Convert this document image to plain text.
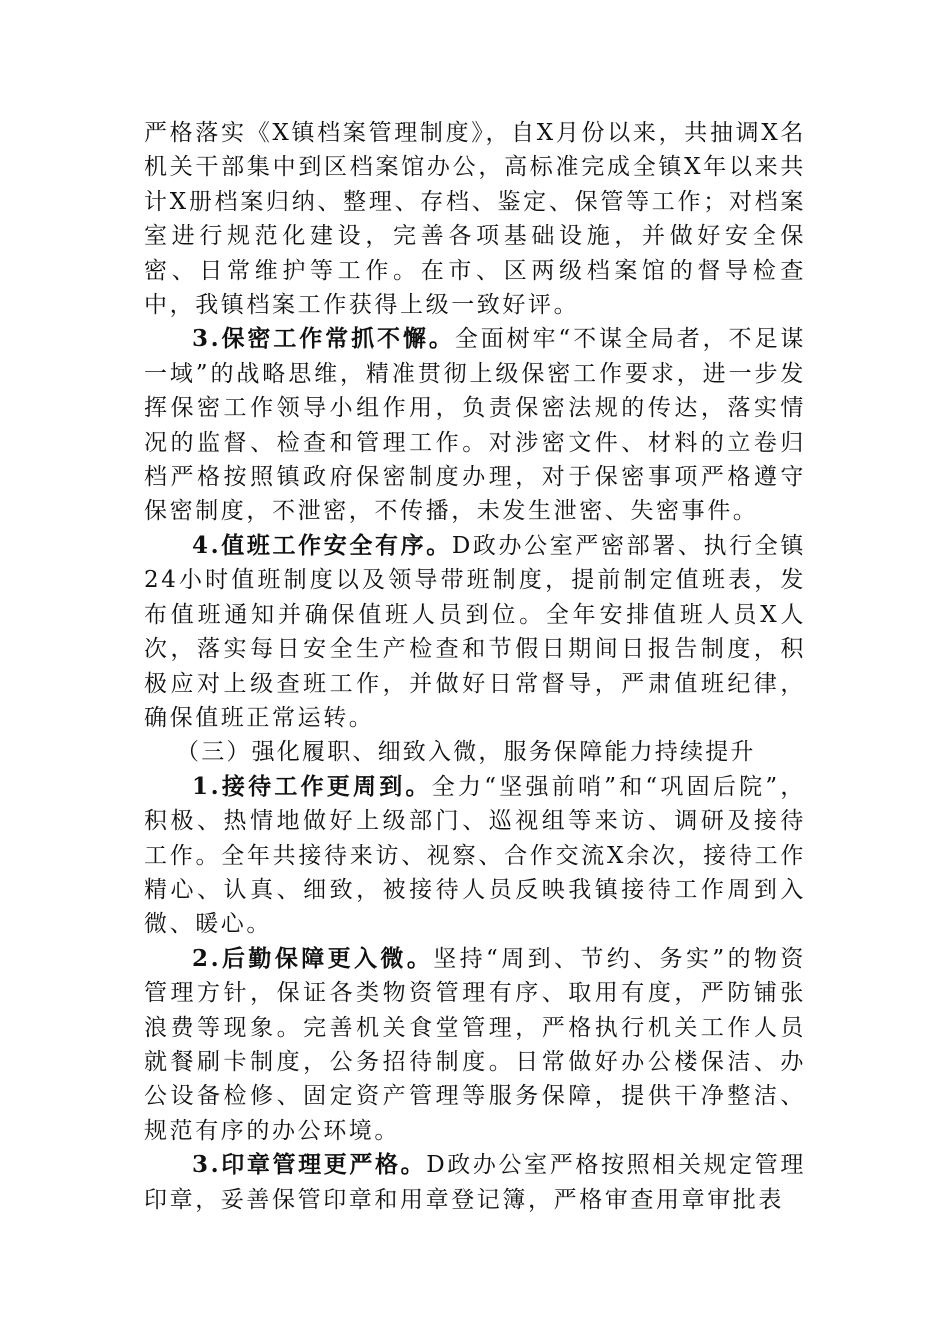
严格落实《X镇档案管理制度》，自X月份以来，共抽调X名机关干部集中到区档案馆办公，高标准完成全镇X年以来共计X册档案归纳、整理、存档、鉴定、保管等工作；对档案室进行规范化建设，完善各项基础设施，并做好安全保密、日常维护等工作。在市、区两级档案馆的督导检查中，我镇档案工作获得上级一致好评。

3.保密工作常抓不懈。全面树牢“不谋全局者，不足谋一域”的战略思维，精准贯彻上级保密工作要求，进一步发挥保密工作领导小组作用，负责保密法规的传达，落实情况的监督、检查和管理工作。对涉密文件、材料的立卷归档严格按照镇政府保密制度办理，对于保密事项严格遵守保密制度，不泄密，不传播，未发生泄密、失密事件。

4.值班工作安全有序。D政办公室严密部署、执行全镇24小时值班制度以及领导带班制度，提前制定值班表，发布值班通知并确保值班人员到位。全年安排值班人员X人次，落实每日安全生产检查和节假日期间日报告制度，积极应对上级查班工作，并做好日常督导，严肃值班纪律，确保值班正常运转。

（三）强化履职、细致入微，服务保障能力持续提升

1.接待工作更周到。全力“坚强前哨”和“巩固后院”，积极、热情地做好上级部门、巡视组等来访、调研及接待工作。全年共接待来访、视察、合作交流X余次，接待工作精心、认真、细致，被接待人员反映我镇接待工作周到入微、暖心。

2.后勤保障更入微。坚持“周到、节约、务实”的物资管理方针，保证各类物资管理有序、取用有度，严防铺张浪费等现象。完善机关食堂管理，严格执行机关工作人员就餐刷卡制度，公务招待制度。日常做好办公楼保洁、办公设备检修、固定资产管理等服务保障，提供干净整洁、规范有序的办公环境。

3.印章管理更严格。D政办公室严格按照相关规定管理印章，妥善保管印章和用章登记簿，严格审查用章审批表
